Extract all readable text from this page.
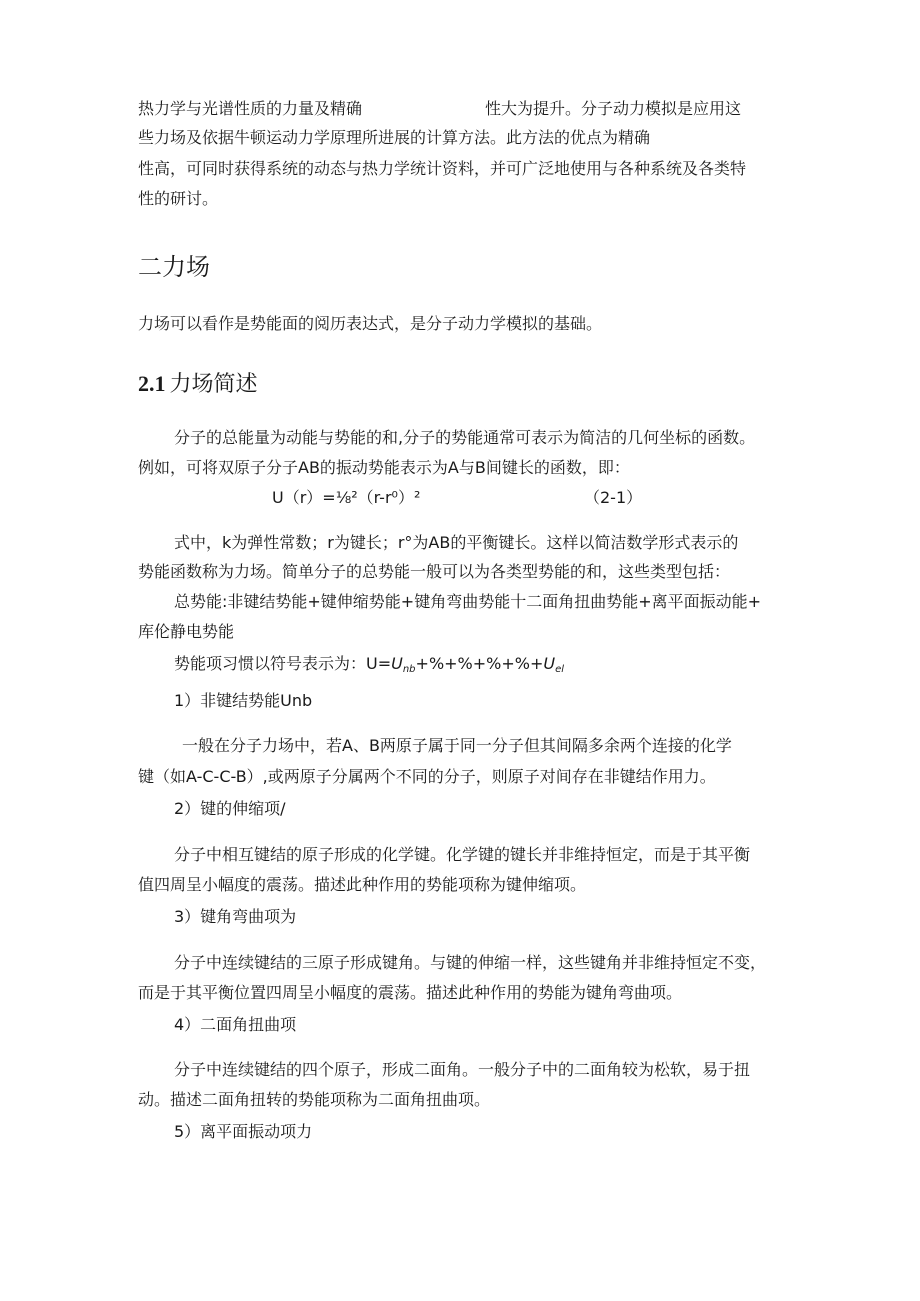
热力学与光谱性质的力量及精确	性大为提升。分子动力模拟是应用这
些力场及依据牛顿运动力学原理所进展的计算方法。此方法的优点为精确
性高，可同时获得系统的动态与热力学统计资料，并可广泛地使用与各种系统及各类特
性的研讨。
二力场
力场可以看作是势能面的阅历表达式，是分子动力学模拟的基础。
2.1 力场简述
分子的总能量为动能与势能的和,分子的势能通常可表示为简洁的几何坐标的函数。
例如，可将双原子分子AB的振动势能表示为A与B间键长的函数，即：
U（r）=⅛²（r-r⁰）²	（2-1）
式中，k为弹性常数；r为键长；r°为AB的平衡键长。这样以简洁数学形式表示的
势能函数称为力场。简单分子的总势能一般可以为各类型势能的和，这些类型包括：
总势能:非键结势能+键伸缩势能+键角弯曲势能十二面角扭曲势能+离平面振动能+
库伦静电势能
势能项习惯以符号表示为：$U=U_{nb}+\%+\%+\%+\%+U_{el}$
1）非键结势能Unb
一般在分子力场中，若A、B两原子属于同一分子但其间隔多余两个连接的化学
键（如A-C-C-B）,或两原子分属两个不同的分子，则原子对间存在非键结作用力。
2）键的伸缩项/
分子中相互键结的原子形成的化学键。化学键的键长并非维持恒定，而是于其平衡
值四周呈小幅度的震荡。描述此种作用的势能项称为键伸缩项。
3）键角弯曲项为
分子中连续键结的三原子形成键角。与键的伸缩一样，这些键角并非维持恒定不变，
而是于其平衡位置四周呈小幅度的震荡。描述此种作用的势能为键角弯曲项。
4）二面角扭曲项
分子中连续键结的四个原子，形成二面角。一般分子中的二面角较为松软，易于扭
动。描述二面角扭转的势能项称为二面角扭曲项。
5）离平面振动项力
